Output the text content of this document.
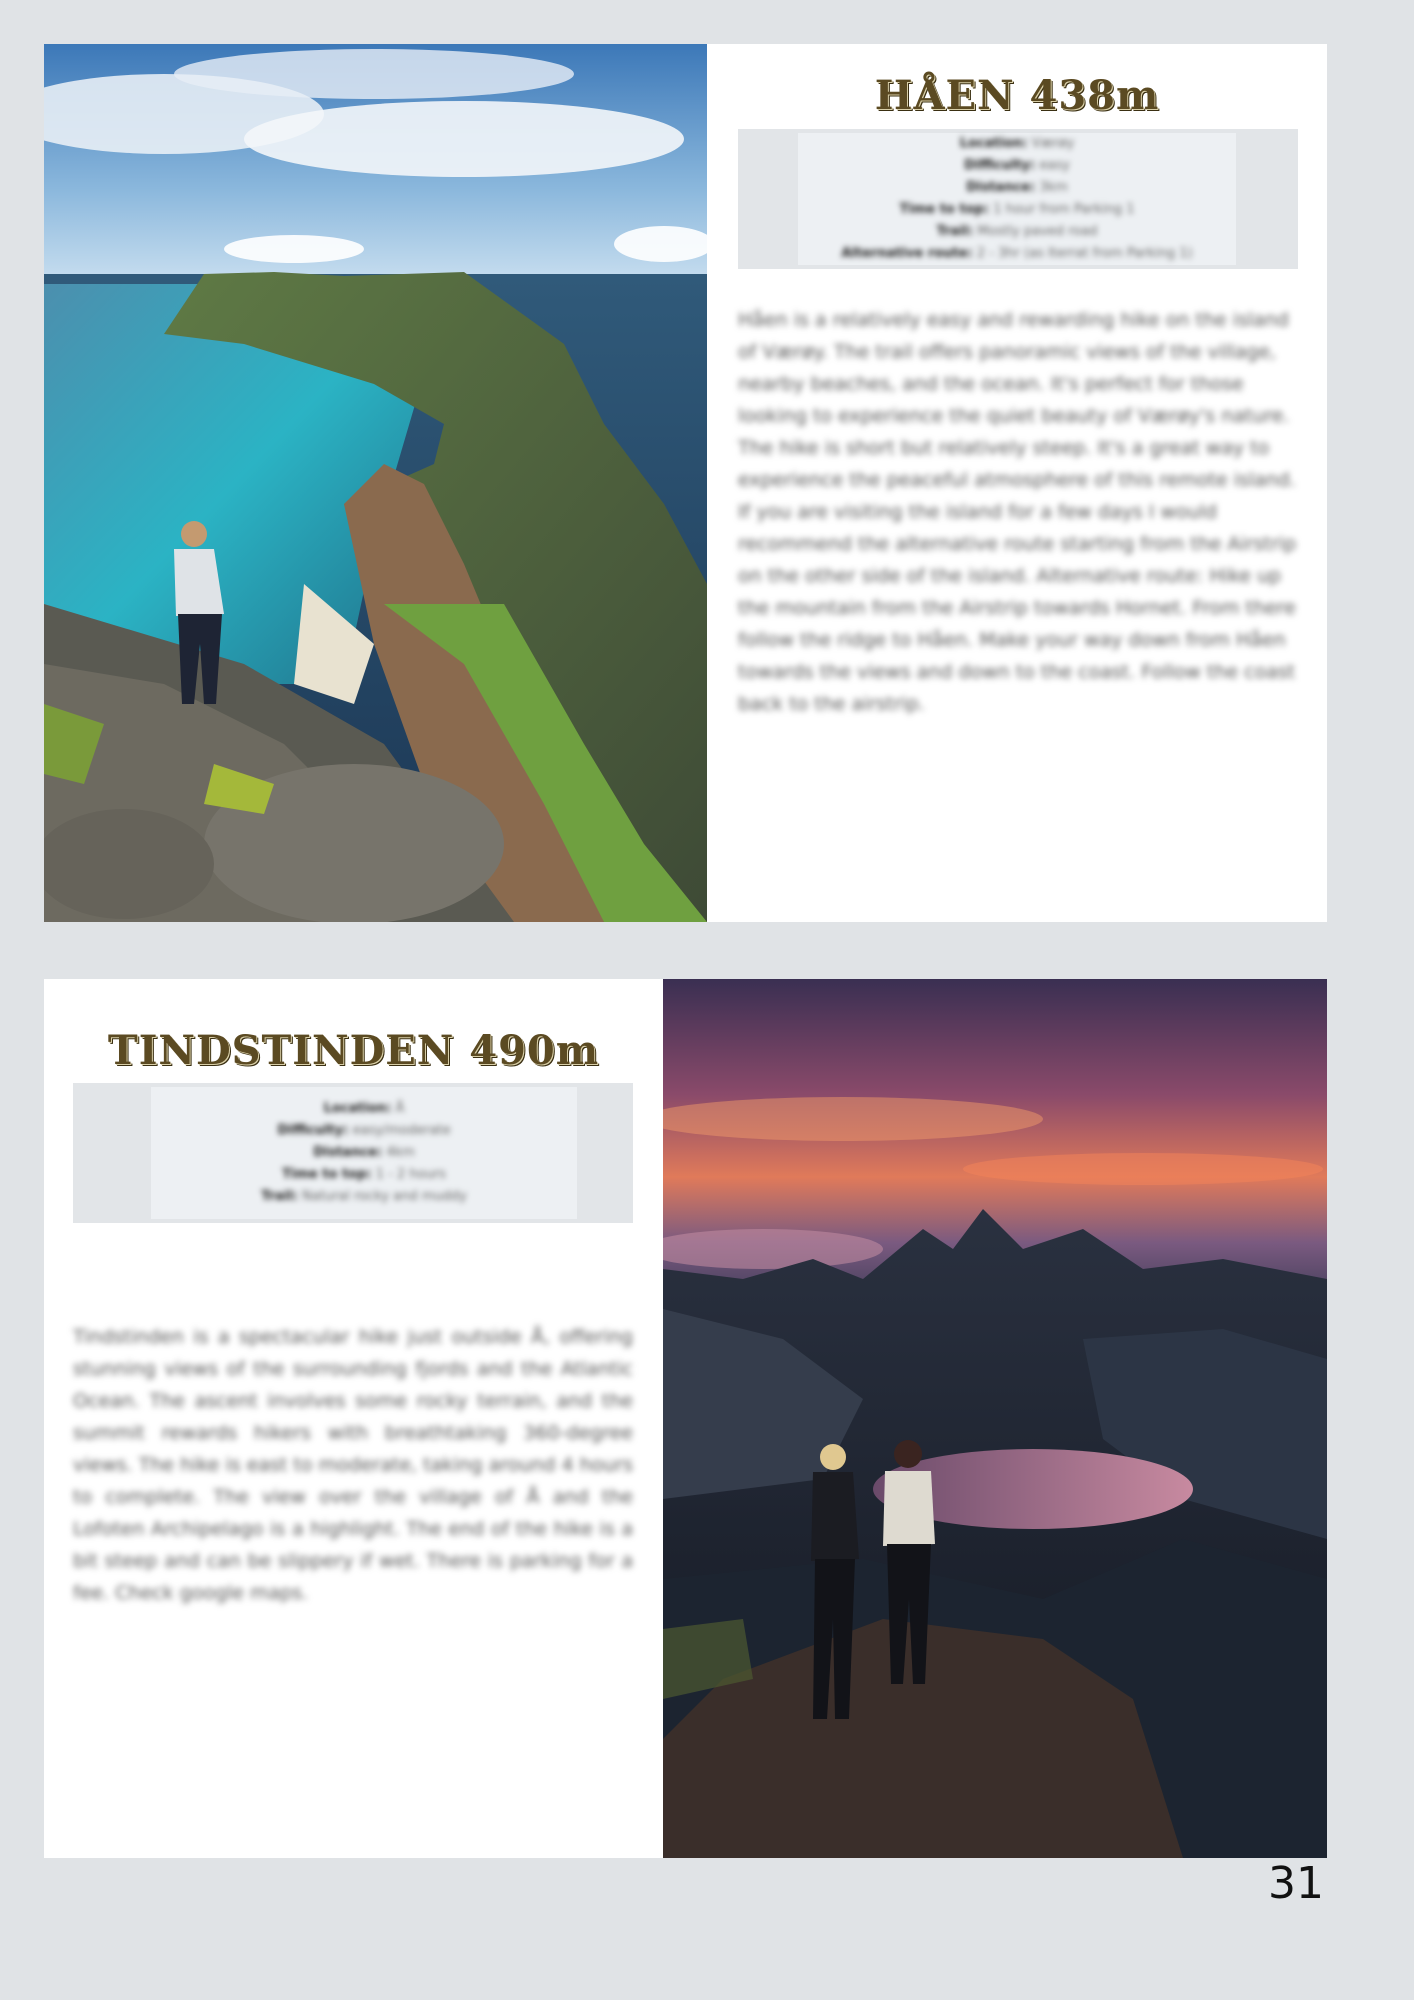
HÅEN 438m
Location: Værøy
Difficulty: easy
Distance: 3km
Time to top: 1 hour from Parking 1
Trail: Mostly paved road
Alternative route: 2 - 3hr (as Iterrat from Parking 1)

Håen is a relatively easy and rewarding hike on the island of Værøy. The trail offers panoramic views of the village, nearby beaches, and the ocean. It's perfect for those looking to experience the quiet beauty of Værøy's nature. The hike is short but relatively steep. It's a great way to experience the peaceful atmosphere of this remote island.

If you are visiting the island for a few days I would recommend the alternative route starting from the Airstrip on the other side of the island. Alternative route: Hike up the mountain from the Airstrip towards Hornet. From there follow the ridge to Håen. Make your way down from Håen towards the views and down to the coast. Follow the coast back to the airstrip.

TINDSTINDEN 490m
Location: Å
Difficulty: easy/moderate
Distance: 4km
Time to top: 1 - 2 hours
Trail: Natural rocky and muddy

Tindstinden is a spectacular hike just outside Å, offering stunning views of the surrounding fjords and the Atlantic Ocean. The ascent involves some rocky terrain, and the summit rewards hikers with breathtaking 360-degree views. The hike is east to moderate, taking around 4 hours to complete. The view over the village of Å and the Lofoten Archipelago is a highlight. The end of the hike is a bit steep and can be slippery if wet. There is parking for a fee. Check google maps.

31
